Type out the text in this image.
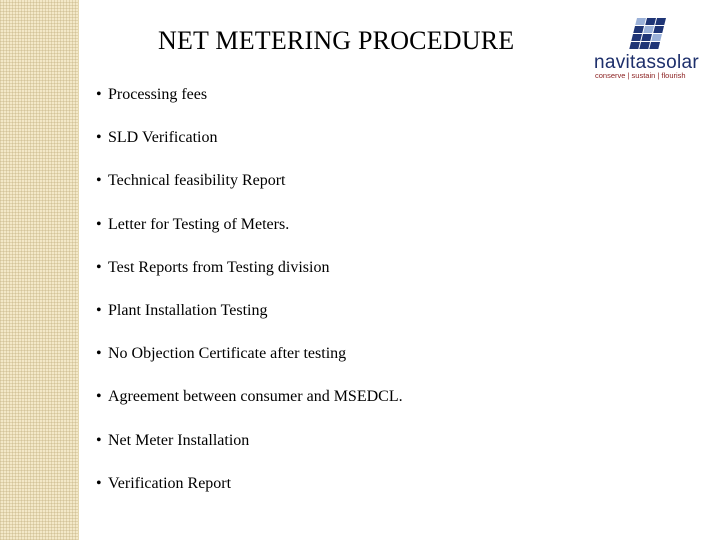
NET METERING PROCEDURE
navitassolar
conserve | sustain | flourish
• Processing fees
• SLD Verification
• Technical feasibility Report
• Letter for Testing of Meters.
• Test Reports from Testing division
• Plant Installation Testing
• No Objection Certificate after testing
• Agreement between consumer and MSEDCL.
• Net Meter Installation
• Verification Report
